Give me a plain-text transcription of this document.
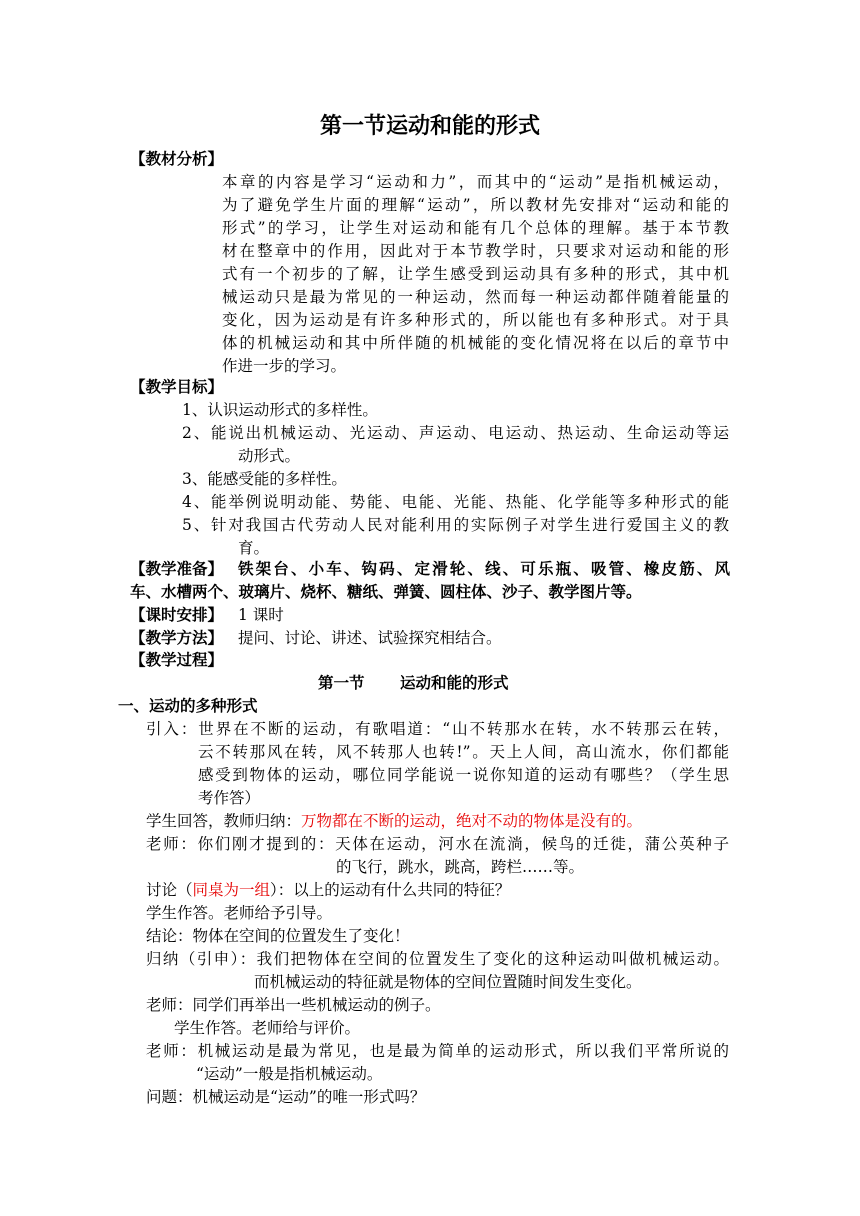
第一节运动和能的形式
【教材分析】
本章的内容是学习“运动和力”，而其中的“运动”是指机械运动，
为了避免学生片面的理解“运动”，所以教材先安排对“运动和能的
形式”的学习，让学生对运动和能有几个总体的理解。基于本节教
材在整章中的作用，因此对于本节教学时，只要求对运动和能的形
式有一个初步的了解，让学生感受到运动具有多种的形式，其中机
械运动只是最为常见的一种运动，然而每一种运动都伴随着能量的
变化，因为运动是有许多种形式的，所以能也有多种形式。对于具
体的机械运动和其中所伴随的机械能的变化情况将在以后的章节中
作进一步的学习。
【教学目标】
1、认识运动形式的多样性。
2、能说出机械运动、光运动、声运动、电运动、热运动、生命运动等运
动形式。
3、能感受能的多样性。
4、能举例说明动能、势能、电能、光能、热能、化学能等多种形式的能
5、针对我国古代劳动人民对能利用的实际例子对学生进行爱国主义的教
育。
【教学准备】 铁架台、小车、钩码、定滑轮、线、可乐瓶、吸管、橡皮筋、风
车、水槽两个、玻璃片、烧杯、糖纸、弹簧、圆柱体、沙子、教学图片等。
【课时安排】 1 课时
【教学方法】 提问、讨论、讲述、试验探究相结合。
【教学过程】
第一节 运动和能的形式
一、运动的多种形式
引入：世界在不断的运动，有歌唱道：“山不转那水在转，水不转那云在转，
云不转那风在转，风不转那人也转!”。天上人间，高山流水，你们都能
感受到物体的运动，哪位同学能说一说你知道的运动有哪些？（学生思
考作答）
学生回答，教师归纳：万物都在不断的运动，绝对不动的物体是没有的。
老师：你们刚才提到的：天体在运动，河水在流淌，候鸟的迁徙，蒲公英种子
的飞行，跳水，跳高，跨栏……等。
讨论（同桌为一组）：以上的运动有什么共同的特征？
学生作答。老师给予引导。
结论：物体在空间的位置发生了变化！
归纳（引申）：我们把物体在空间的位置发生了变化的这种运动叫做机械运动。
而机械运动的特征就是物体的空间位置随时间发生变化。
老师：同学们再举出一些机械运动的例子。
学生作答。老师给与评价。
老师：机械运动是最为常见，也是最为简单的运动形式，所以我们平常所说的
“运动”一般是指机械运动。
问题：机械运动是“运动”的唯一形式吗？
